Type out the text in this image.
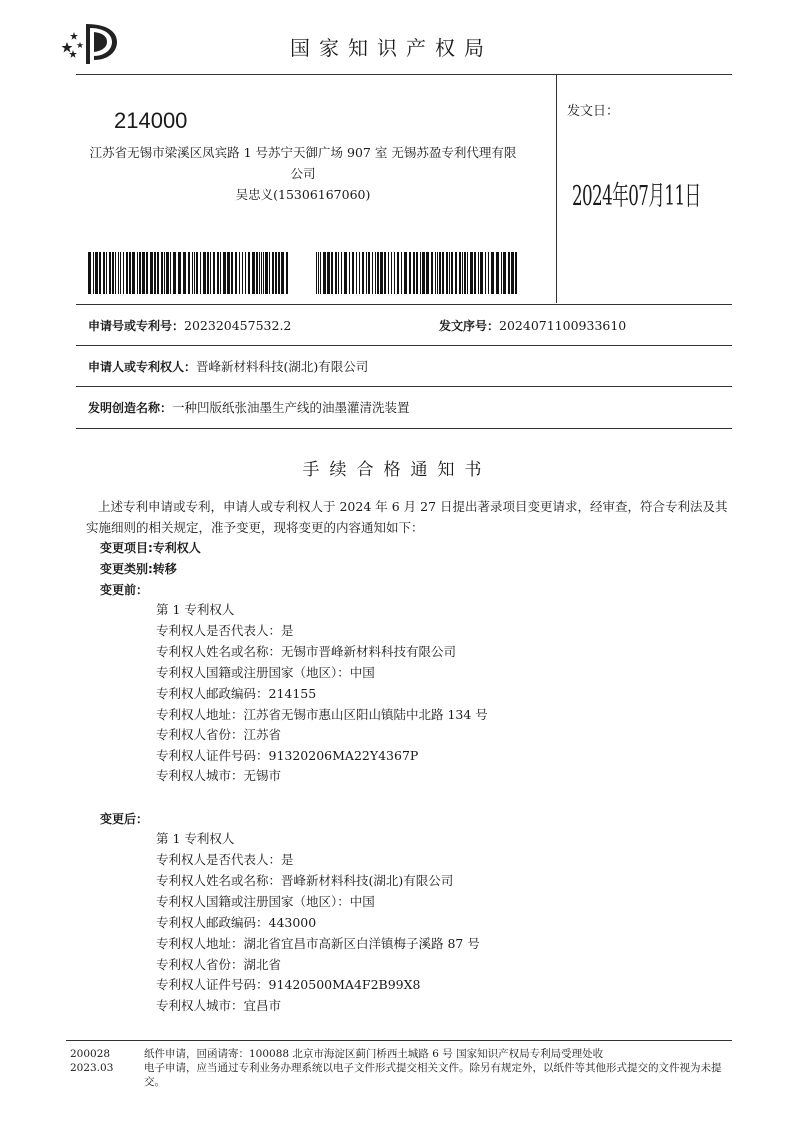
国家知识产权局
214000
江苏省无锡市梁溪区凤宾路 1 号苏宁天御广场 907 室 无锡苏盈专利代理有限公司
吴忠义(15306167060)
发文日：
2024年07月11日
申请号或专利号：202320457532.2	发文序号：2024071100933610
申请人或专利权人：晋峰新材料科技(湖北)有限公司
发明创造名称：一种凹版纸张油墨生产线的油墨灌清洗装置
手续合格通知书
上述专利申请或专利，申请人或专利权人于 2024 年 6 月 27 日提出著录项目变更请求，经审查，符合专利法及其实施细则的相关规定，准予变更，现将变更的内容通知如下：
变更项目:专利权人
变更类别:转移
变更前：
第 1 专利权人
专利权人是否代表人：是
专利权人姓名或名称：无锡市晋峰新材料科技有限公司
专利权人国籍或注册国家（地区）：中国
专利权人邮政编码：214155
专利权人地址：江苏省无锡市惠山区阳山镇陆中北路 134 号
专利权人省份：江苏省
专利权人证件号码：91320206MA22Y4367P
专利权人城市：无锡市
变更后：
第 1 专利权人
专利权人是否代表人：是
专利权人姓名或名称：晋峰新材料科技(湖北)有限公司
专利权人国籍或注册国家（地区）：中国
专利权人邮政编码：443000
专利权人地址：湖北省宜昌市高新区白洋镇梅子溪路 87 号
专利权人省份：湖北省
专利权人证件号码：91420500MA4F2B99X8
专利权人城市：宜昌市
200028
2023.03
纸件申请，回函请寄：100088 北京市海淀区蓟门桥西土城路 6 号 国家知识产权局专利局受理处收
电子申请，应当通过专利业务办理系统以电子文件形式提交相关文件。除另有规定外，以纸件等其他形式提交的文件视为未提交。
